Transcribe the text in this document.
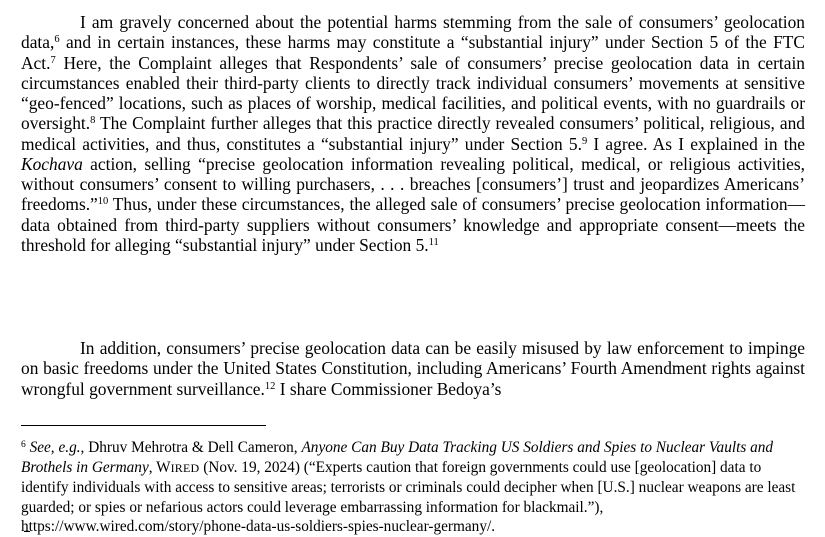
I am gravely concerned about the potential harms stemming from the sale of consumers’ geolocation data,$^6$ and in certain instances, these harms may constitute a “substantial injury” under Section 5 of the FTC Act.$^7$ Here, the Complaint alleges that Respondents’ sale of consumers’ precise geolocation data in certain circumstances enabled their third-party clients to directly track individual consumers’ movements at sensitive “geo-fenced” locations, such as places of worship, medical facilities, and political events, with no guardrails or oversight.$^8$ The Complaint further alleges that this practice directly revealed consumers’ political, religious, and medical activities, and thus, constitutes a “substantial injury” under Section 5.$^9$ I agree. As I explained in the Kochava action, selling “precise geolocation information revealing political, medical, or religious activities, without consumers’ consent to willing purchasers, . . . breaches [consumers’] trust and jeopardizes Americans’ freedoms.”$^{10}$ Thus, under these circumstances, the alleged sale of consumers’ precise geolocation information—data obtained from third-party suppliers without consumers’ knowledge and appropriate consent—meets the threshold for alleging “substantial injury” under Section 5.11

In addition, consumers’ precise geolocation data can be easily misused by law enforcement to impinge on basic freedoms under the United States Constitution, including Americans’ Fourth Amendment rights against wrongful government surveillance.$^{12}$ I share Commissioner Bedoya’s

$^6$ See, e.g., Dhruv Mehrotra & Dell Cameron, Anyone Can Buy Data Tracking US Soldiers and Spies to Nuclear Vaults and Brothels in Germany, WIRED (Nov. 19, 2024) (“Experts caution that foreign governments could use [geolocation] data to identify individuals with access to sensitive areas; terrorists or criminals could decipher when [U.S.] nuclear weapons are least guarded; or spies or nefarious actors could leverage embarrassing information for blackmail.”), https://www.wired.com/story/phone-data-us-soldiers-spies-nuclear-germany/.
